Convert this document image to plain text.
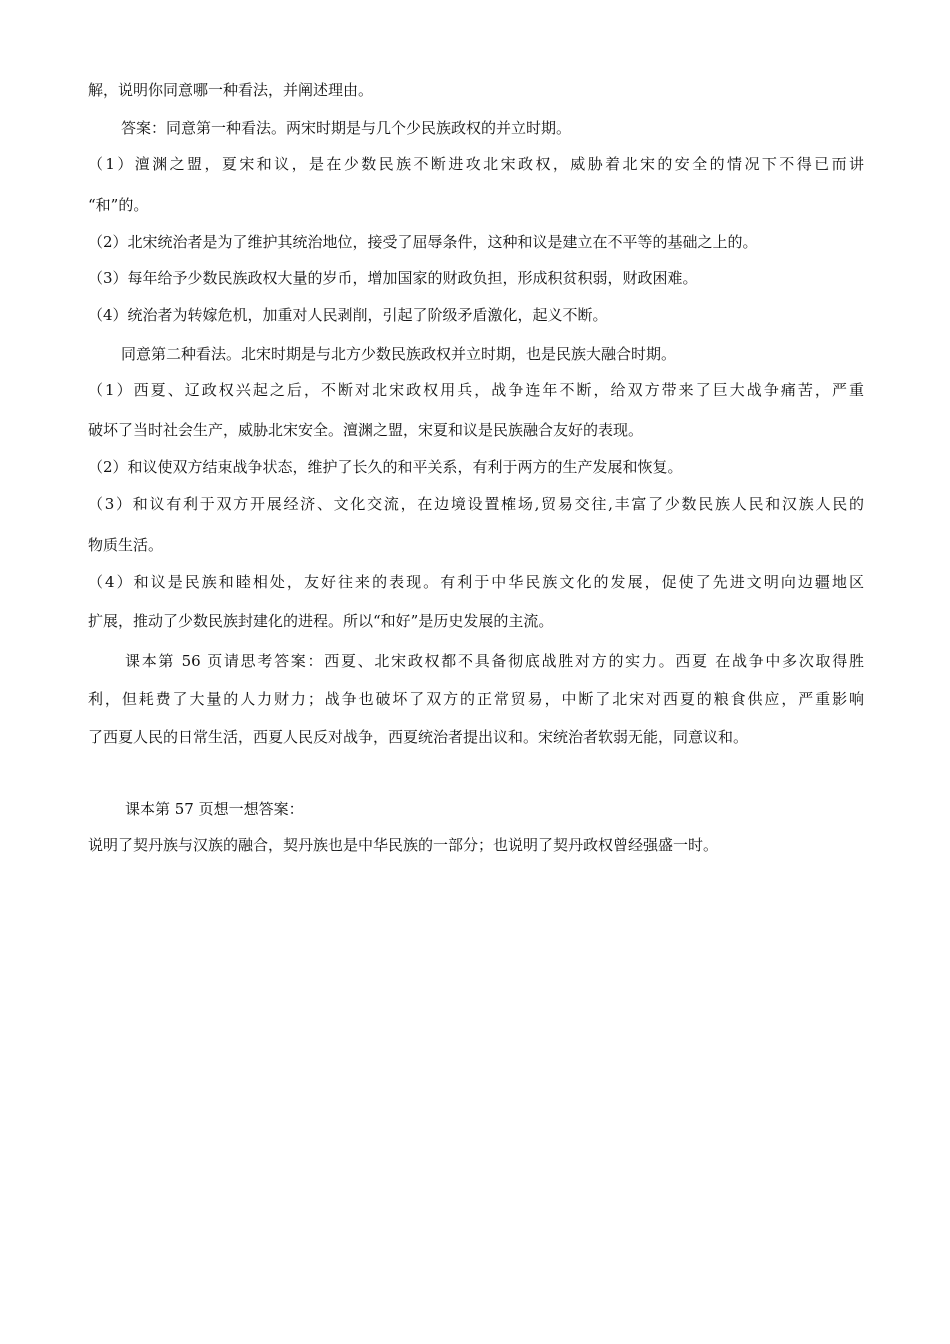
解，说明你同意哪一种看法，并阐述理由。
答案：同意第一种看法。两宋时期是与几个少民族政权的并立时期。
（1）澶渊之盟，夏宋和议，是在少数民族不断进攻北宋政权，威胁着北宋的安全的情况下不得已而讲
“和”的。
（2）北宋统治者是为了维护其统治地位，接受了屈辱条件，这种和议是建立在不平等的基础之上的。
（3）每年给予少数民族政权大量的岁币，增加国家的财政负担，形成积贫积弱，财政困难。
（4）统治者为转嫁危机，加重对人民剥削，引起了阶级矛盾激化，起义不断。
同意第二种看法。北宋时期是与北方少数民族政权并立时期，也是民族大融合时期。
（1）西夏、辽政权兴起之后，不断对北宋政权用兵，战争连年不断，给双方带来了巨大战争痛苦，严重
破坏了当时社会生产，威胁北宋安全。澶渊之盟，宋夏和议是民族融合友好的表现。
（2）和议使双方结束战争状态，维护了长久的和平关系，有利于两方的生产发展和恢复。
（3）和议有利于双方开展经济、文化交流，在边境设置榷场,贸易交往,丰富了少数民族人民和汉族人民的
物质生活。
（4）和议是民族和睦相处，友好往来的表现。有利于中华民族文化的发展，促使了先进文明向边疆地区
扩展，推动了少数民族封建化的进程。所以“和好”是历史发展的主流。
课本第 56 页请思考答案：西夏、北宋政权都不具备彻底战胜对方的实力。西夏 在战争中多次取得胜
利，但耗费了大量的人力财力；战争也破坏了双方的正常贸易，中断了北宋对西夏的粮食供应，严重影响
了西夏人民的日常生活，西夏人民反对战争，西夏统治者提出议和。宋统治者软弱无能，同意议和。
课本第 57 页想一想答案：
说明了契丹族与汉族的融合，契丹族也是中华民族的一部分；也说明了契丹政权曾经强盛一时。
